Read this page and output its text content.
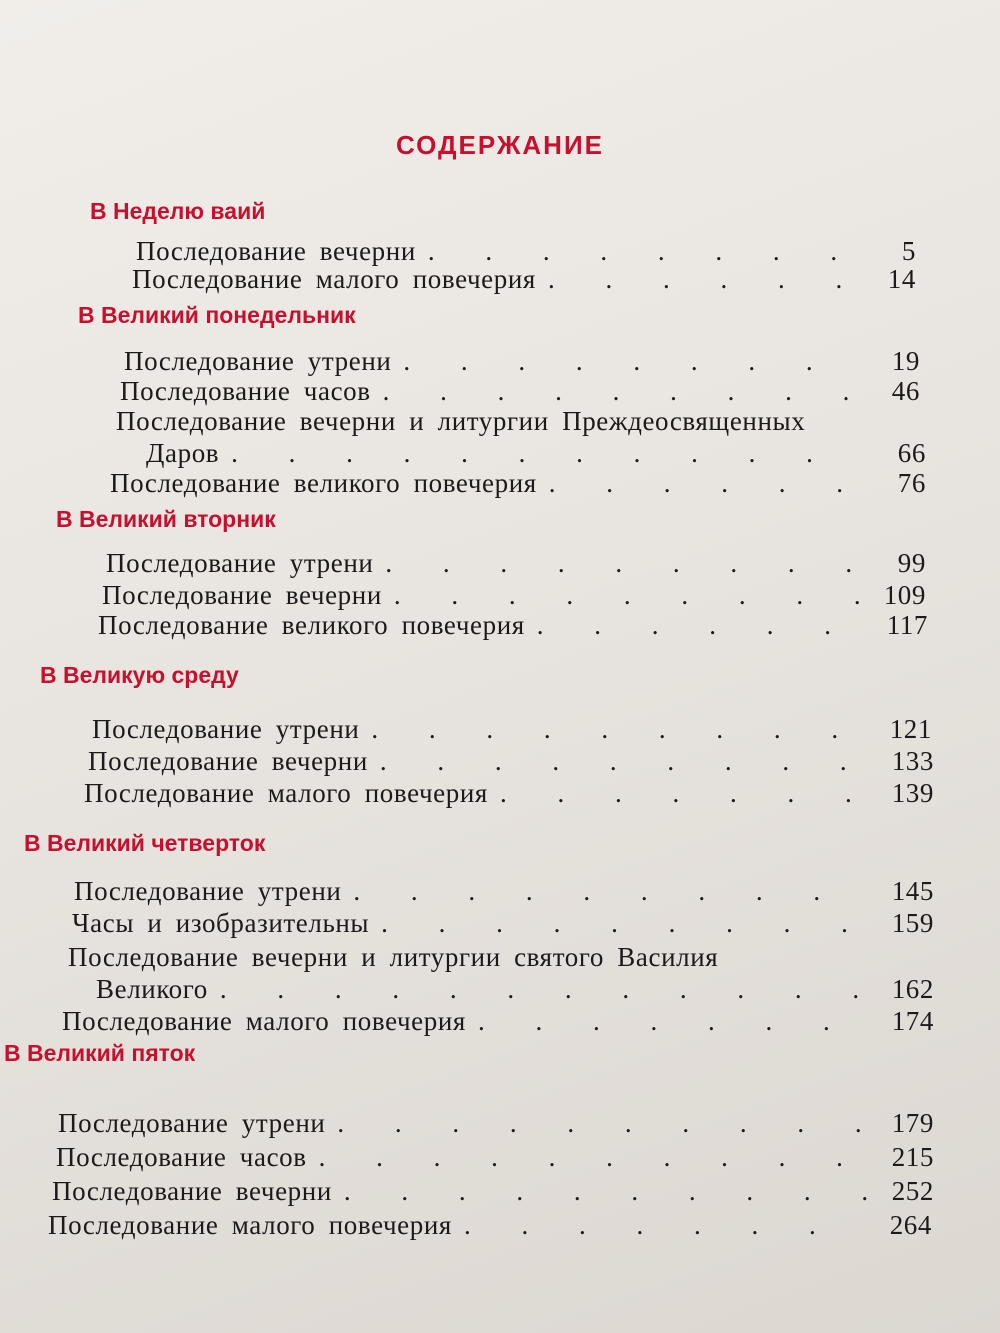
СОДЕРЖАНИЕ
В Неделю ваий
Последование вечерни . . .	5
Последование малого повечерия . . .	14
В Великий понедельник
Последование утрени . . .	19
Последование часов . . .	46
Последование вечерни и литургии Преждеосвященных
Даров . . .	66
Последование великого повечерия . . .	76
В Великий вторник
Последование утрени . . .	99
Последование вечерни . . .	109
Последование великого повечерия . . .	117
В Великую среду
Последование утрени . . .	121
Последование вечерни . . .	133
Последование малого повечерия . . .	139
В Великий четверток
Последование утрени . . .	145
Часы и изобразительны . . .	159
Последование вечерни и литургии святого Василия
Великого . . .	162
Последование малого повечерия . . .	174
В Великий пяток
Последование утрени . . .	179
Последование часов . . .	215
Последование вечерни . . .	252
Последование малого повечерия . . .	264
